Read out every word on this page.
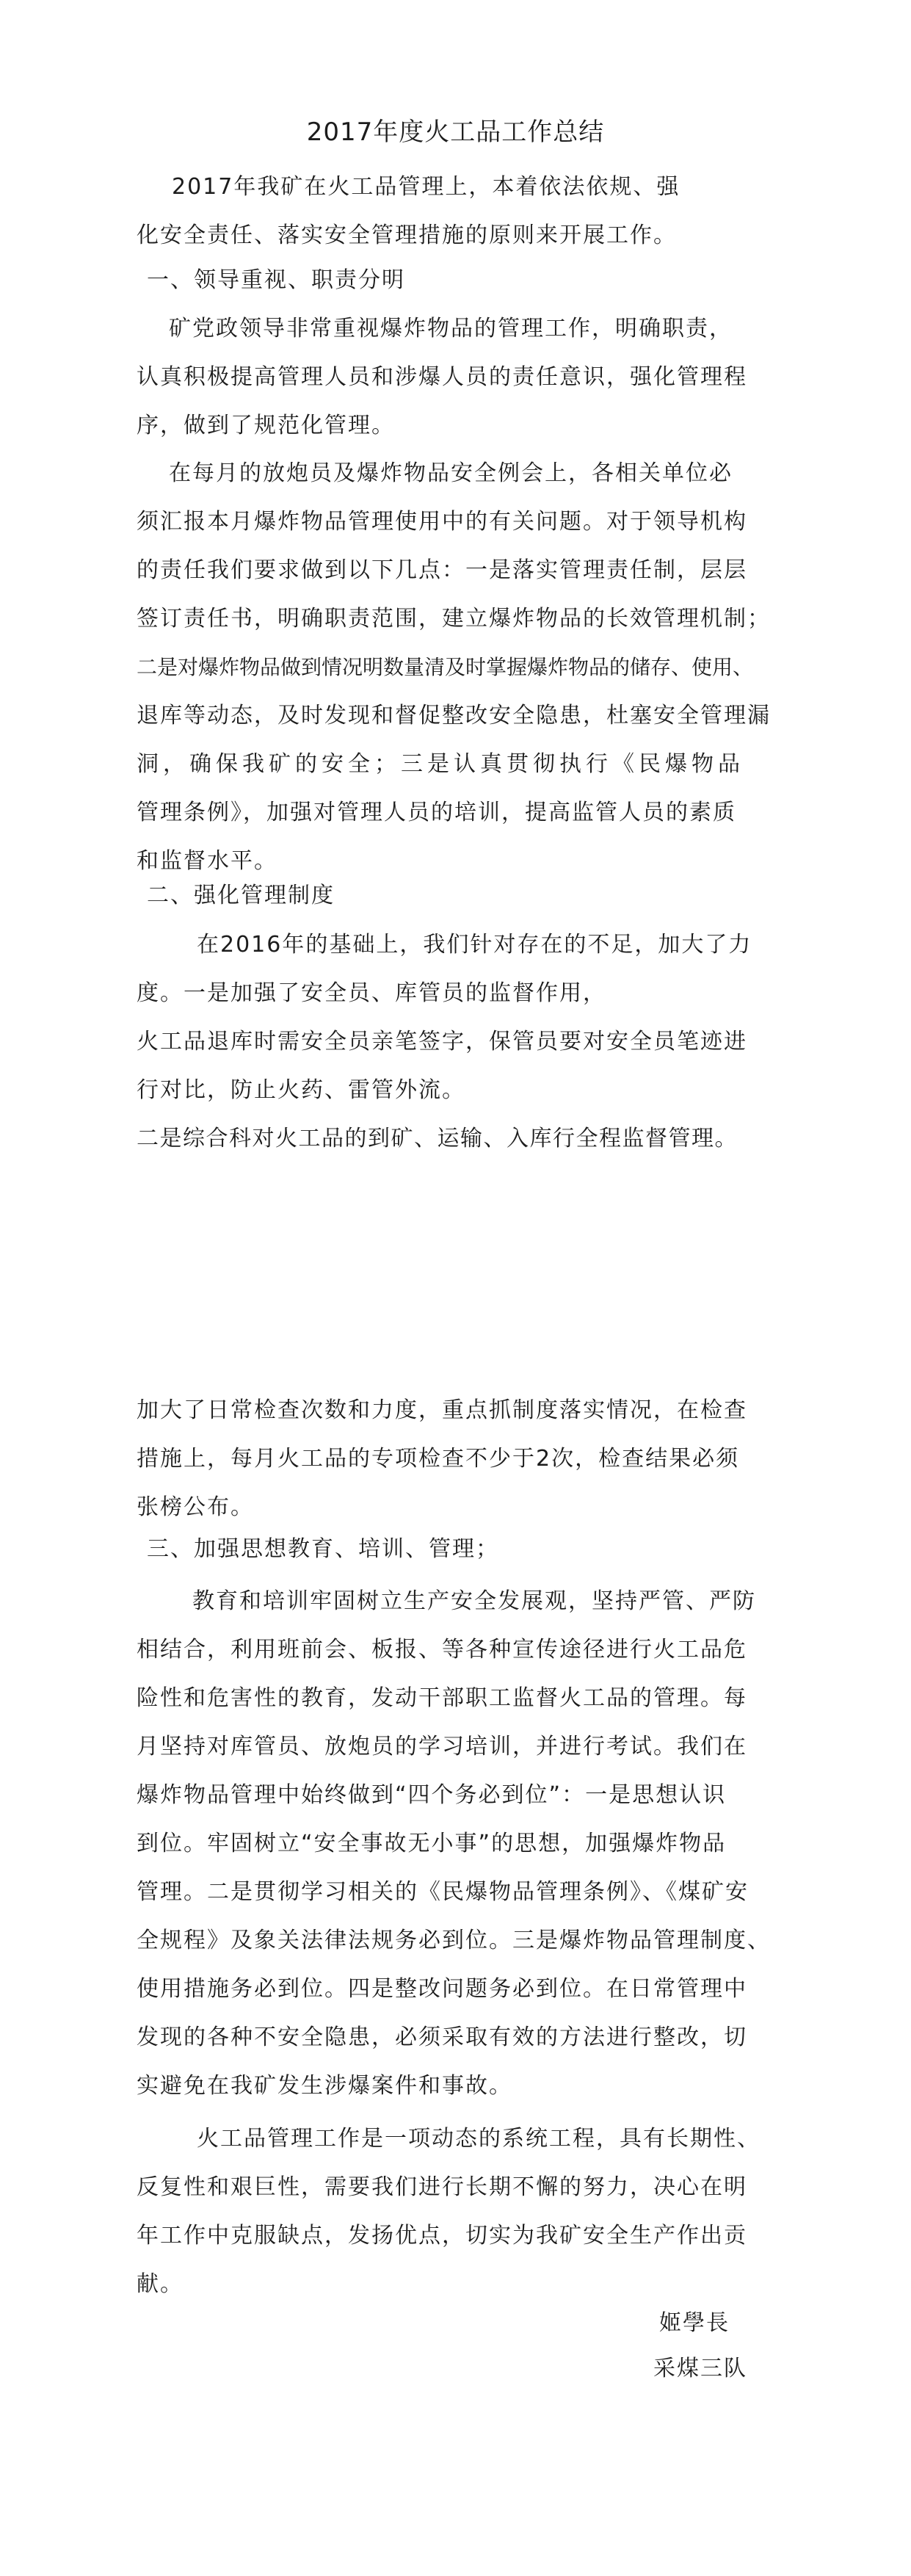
2017年度火工品工作总结
2017年我矿在火工品管理上，本着依法依规、强
化安全责任、落实安全管理措施的原则来开展工作。
一、领导重视、职责分明
矿党政领导非常重视爆炸物品的管理工作，明确职责，
认真积极提高管理人员和涉爆人员的责任意识，强化管理程
序，做到了规范化管理。
在每月的放炮员及爆炸物品安全例会上，各相关单位必
须汇报本月爆炸物品管理使用中的有关问题。对于领导机构
的责任我们要求做到以下几点：一是落实管理责任制，层层
签订责任书，明确职责范围，建立爆炸物品的长效管理机制；
二是对爆炸物品做到情况明数量清及时掌握爆炸物品的储存、使用、
退库等动态，及时发现和督促整改安全隐患，杜塞安全管理漏
洞，确保我矿的安全；三是认真贯彻执行《民爆物品
管理条例》，加强对管理人员的培训，提高监管人员的素质
和监督水平。
二、强化管理制度
在2016年的基础上，我们针对存在的不足，加大了力
度。一是加强了安全员、库管员的监督作用，
火工品退库时需安全员亲笔签字，保管员要对安全员笔迹进
行对比，防止火药、雷管外流。
二是综合科对火工品的到矿、运输、入库行全程监督管理。
加大了日常检查次数和力度，重点抓制度落实情况，在检查
措施上，每月火工品的专项检查不少于2次，检查结果必须
张榜公布。
三、加强思想教育、培训、管理；
教育和培训牢固树立生产安全发展观，坚持严管、严防
相结合，利用班前会、板报、等各种宣传途径进行火工品危
险性和危害性的教育，发动干部职工监督火工品的管理。每
月坚持对库管员、放炮员的学习培训，并进行考试。我们在
爆炸物品管理中始终做到“四个务必到位”：一是思想认识
到位。牢固树立“安全事故无小事”的思想，加强爆炸物品
管理。二是贯彻学习相关的《民爆物品管理条例》、《煤矿安
全规程》及象关法律法规务必到位。三是爆炸物品管理制度、
使用措施务必到位。四是整改问题务必到位。在日常管理中
发现的各种不安全隐患，必须采取有效的方法进行整改，切
实避免在我矿发生涉爆案件和事故。
火工品管理工作是一项动态的系统工程，具有长期性、
反复性和艰巨性，需要我们进行长期不懈的努力，决心在明
年工作中克服缺点，发扬优点，切实为我矿安全生产作出贡
献。
姬學長
采煤三队
